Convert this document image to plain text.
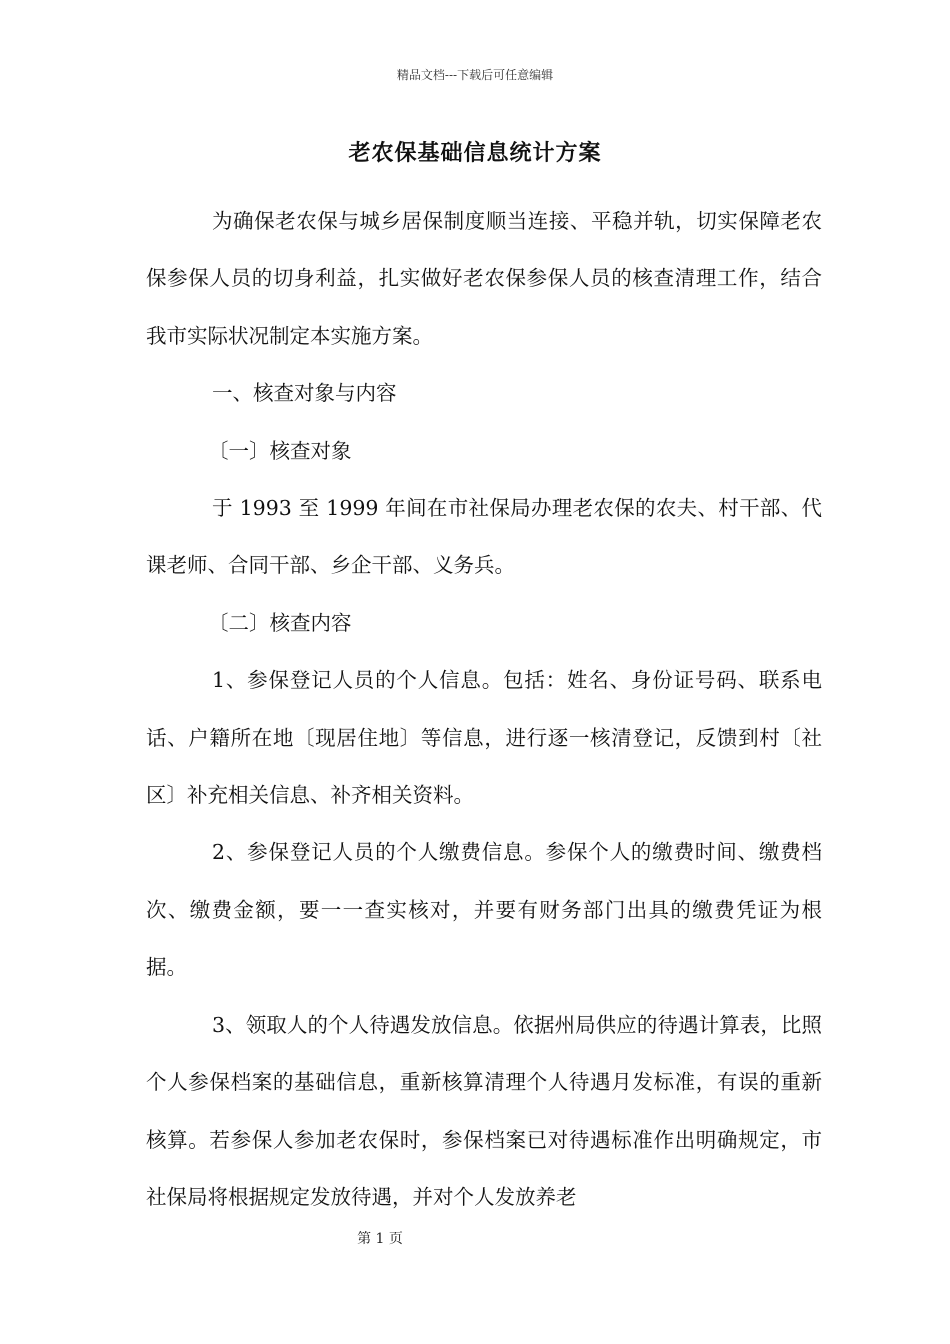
精品文档---下载后可任意编辑
老农保基础信息统计方案

为确保老农保与城乡居保制度顺当连接、平稳并轨，切实保障老农保参保人员的切身利益，扎实做好老农保参保人员的核查清理工作，结合我市实际状况制定本实施方案。

一、核查对象与内容

〔一〕核查对象

于 1993 至 1999 年间在市社保局办理老农保的农夫、村干部、代课老师、合同干部、乡企干部、义务兵。

〔二〕核查内容

1、参保登记人员的个人信息。包括：姓名、身份证号码、联系电话、户籍所在地〔现居住地〕等信息，进行逐一核清登记，反馈到村〔社区〕补充相关信息、补齐相关资料。

2、参保登记人员的个人缴费信息。参保个人的缴费时间、缴费档次、缴费金额，要一一查实核对，并要有财务部门出具的缴费凭证为根据。

3、领取人的个人待遇发放信息。依据州局供应的待遇计算表，比照个人参保档案的基础信息，重新核算清理个人待遇月发标准，有误的重新核算。若参保人参加老农保时，参保档案已对待遇标准作出明确规定，市社保局将根据规定发放待遇，并对个人发放养老

第 1 页
